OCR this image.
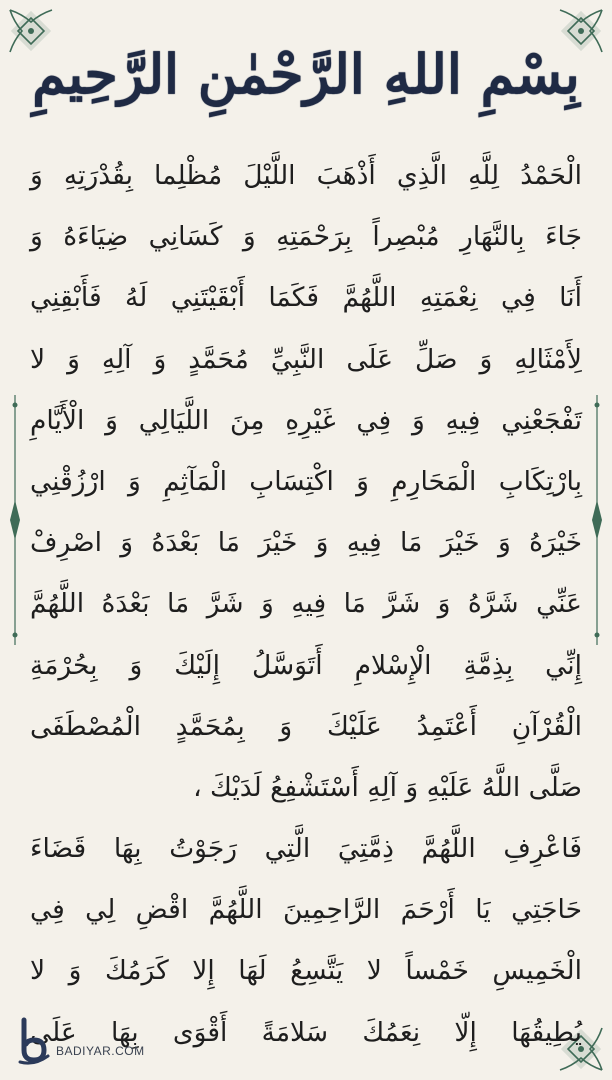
بِسْمِ اللهِ الرَّحْمٰنِ الرَّحِيمِ
الْحَمْدُ لِلَّهِ الَّذِي أَذْهَبَ اللَّيْلَ مُظْلِما بِقُدْرَتِهِ وَ
جَاءَ بِالنَّهَارِ مُبْصِراً بِرَحْمَتِهِ وَ كَسَانِي ضِيَاءَهُ وَ
أَنَا فِي نِعْمَتِهِ اللَّهُمَّ فَكَمَا أَبْقَيْتَنِي لَهُ فَأَبْقِنِي
لِأَمْثَالِهِ وَ صَلِّ عَلَى النَّبِيِّ مُحَمَّدٍ وَ آلِهِ وَ لا
تَفْجَعْنِي فِيهِ وَ فِي غَيْرِهِ مِنَ اللَّيَالِي وَ الْأَيَّامِ
بِارْتِكَابِ الْمَحَارِمِ وَ اكْتِسَابِ الْمَآثِمِ وَ ارْزُقْنِي
خَيْرَهُ وَ خَيْرَ مَا فِيهِ وَ خَيْرَ مَا بَعْدَهُ وَ اصْرِفْ
عَنِّي شَرَّهُ وَ شَرَّ مَا فِيهِ وَ شَرَّ مَا بَعْدَهُ اللَّهُمَّ
إِنِّي بِذِمَّةِ الْإِسْلامِ أَتَوَسَّلُ إِلَيْكَ وَ بِحُرْمَةِ
الْقُرْآنِ أَعْتَمِدُ عَلَيْكَ وَ بِمُحَمَّدٍ الْمُصْطَفَى
صَلَّى اللَّهُ عَلَيْهِ وَ آلِهِ أَسْتَشْفِعُ لَدَيْكَ ،
فَاعْرِفِ اللَّهُمَّ ذِمَّتِيَ الَّتِي رَجَوْتُ بِهَا قَضَاءَ
حَاجَتِي يَا أَرْحَمَ الرَّاحِمِينَ اللَّهُمَّ اقْضِ لِي فِي
الْخَمِيسِ خَمْساً لا يَتَّسِعُ لَهَا إِلا كَرَمُكَ وَ لا
يُطِيقُهَا إِلّا نِعَمُكَ سَلامَةً أَقْوَى بِهَا عَلَى
BADIYAR.COM
